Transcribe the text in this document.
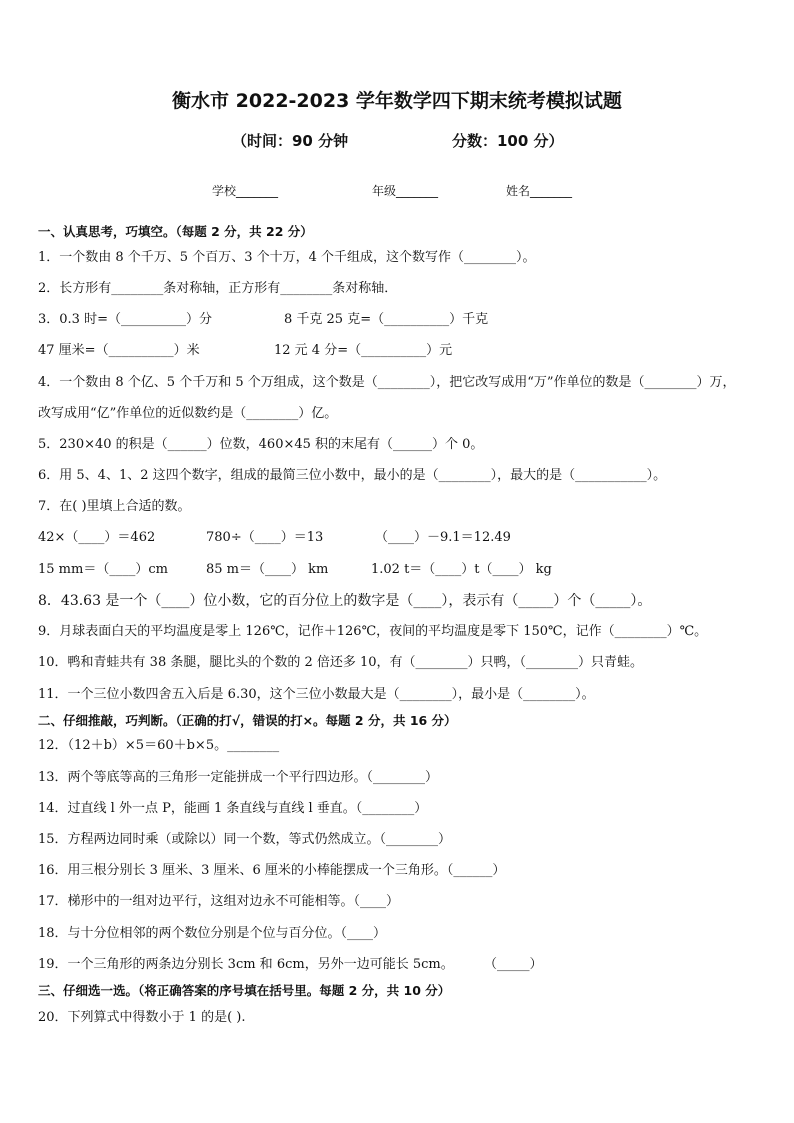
衡水市 2022-2023 学年数学四下期末统考模拟试题
（时间：90 分钟	分数：100 分）
学校_______	年级_______	姓名_______
一、认真思考，巧填空。（每题 2 分，共 22 分）
1．一个数由 8 个千万、5 个百万、3 个十万，4 个千组成，这个数写作（________）。
2．长方形有________条对称轴，正方形有________条对称轴．
3．0.3 时=（__________）分	8 千克 25 克=（__________）千克
47 厘米=（__________）米	12 元 4 分=（__________）元
4．一个数由 8 个亿、5 个千万和 5 个万组成，这个数是（________），把它改写成用“万”作单位的数是（________）万，
改写成用“亿”作单位的近似数约是（________）亿。
5．230×40 的积是（______）位数，460×45 积的末尾有（______）个 0。
6．用 5、4、1、2 这四个数字，组成的最简三位小数中，最小的是（________），最大的是（___________）。
7．在( )里填上合适的数。
42×（____）＝462	780÷（____）＝13	（____）－9.1＝12.49
15 mm＝（____）cm	85 m＝（____） km	1.02 t＝（____）t（____） kg
8．43.63 是一个（____）位小数，它的百分位上的数字是（____），表示有（_____）个（_____）。
9．月球表面白天的平均温度是零上 126℃，记作＋126℃，夜间的平均温度是零下 150℃，记作（________）℃。
10．鸭和青蛙共有 38 条腿，腿比头的个数的 2 倍还多 10，有（________）只鸭，（________）只青蛙。
11．一个三位小数四舍五入后是 6.30，这个三位小数最大是（________），最小是（________）。
二、仔细推敲，巧判断。（正确的打√，错误的打×。每题 2 分，共 16 分）
12．（12＋b）×5＝60＋b×5。________
13．两个等底等高的三角形一定能拼成一个平行四边形。（________）
14．过直线 l 外一点 P，能画 1 条直线与直线 l 垂直。（________）
15．方程两边同时乘（或除以）同一个数，等式仍然成立。（________）
16．用三根分别长 3 厘米、3 厘米、6 厘米的小棒能摆成一个三角形。（______）
17．梯形中的一组对边平行，这组对边永不可能相等。（____）
18．与十分位相邻的两个数位分别是个位与百分位。（____）
19．一个三角形的两条边分别长 3cm 和 6cm，另外一边可能长 5cm。 （_____）
三、仔细选一选。（将正确答案的序号填在括号里。每题 2 分，共 10 分）
20．下列算式中得数小于 1 的是( ).
